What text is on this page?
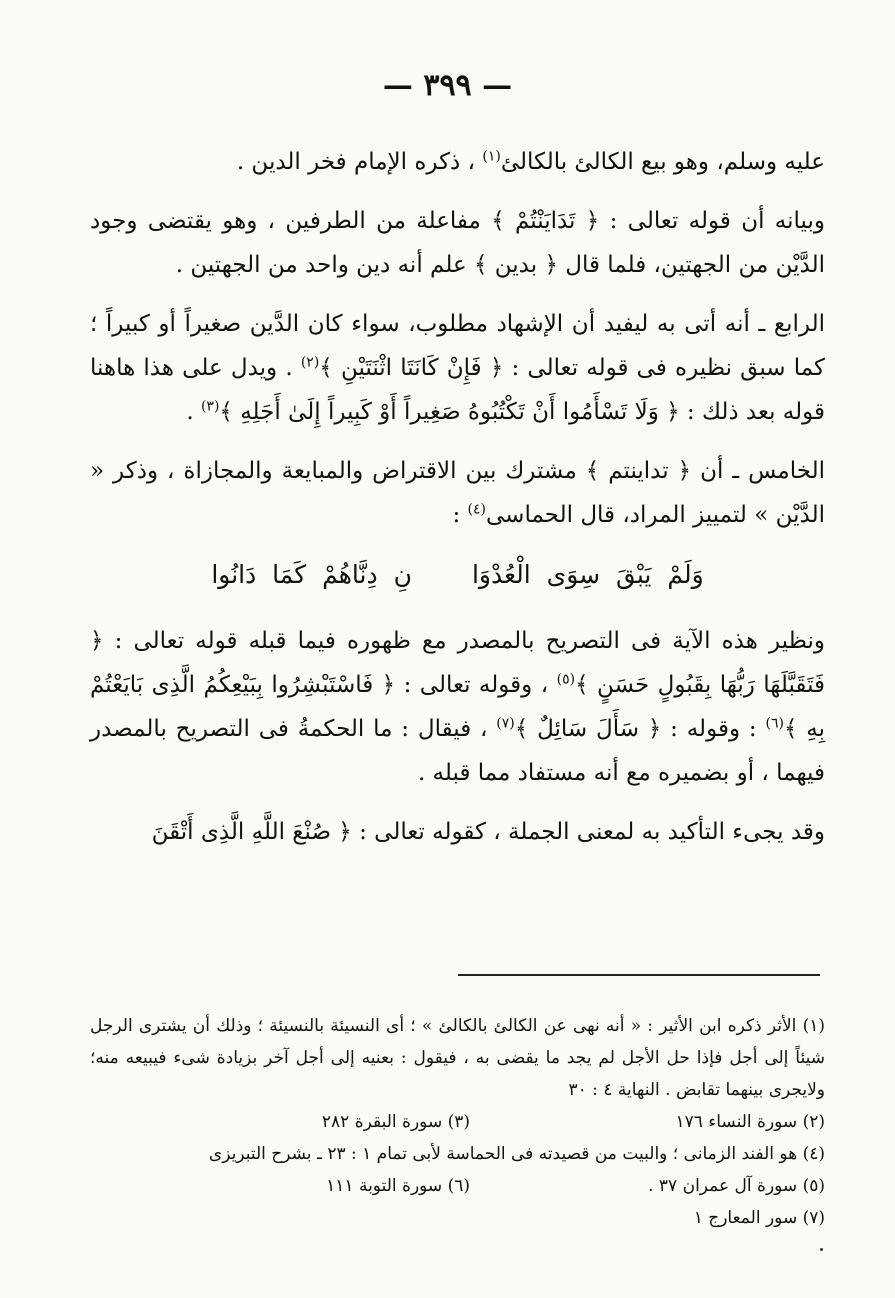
— ٣٩٩ —

عليه وسلم، وهو بيع الكالئ بالكالئ$^{(١)}$ ، ذكره الإمام فخر الدين .

وبيانه أن قوله تعالى : ﴿ تَدَايَنْتُمْ ﴾ مفاعلة من الطرفين ، وهو يقتضى وجود الدَّيْن من الجهتين، فلما قال ﴿ بدين ﴾ علم أنه دين واحد من الجهتين .

الرابع ـ أنه أتى به ليفيد أن الإشهاد مطلوب، سواء كان الدَّين صغيراً أو كبيراً ؛ كما سبق نظيره فى قوله تعالى : ﴿ فَإِنْ كَانَتَا اثْنَتَيْنِ ﴾$^{(٢)}$ . ويدل على هذا هاهنا قوله بعد ذلك : ﴿ وَلَا تَسْأَمُوا أَنْ تَكْتُبُوهُ صَغِيراً أَوْ كَبِيراً إِلَىٰ أَجَلِهِ ﴾$^{(٣)}$ .

الخامس ـ أن ﴿ تداينتم ﴾ مشترك بين الاقتراض والمبايعة والمجازاة ، وذكر « الدَّيْن » لتمييز المراد، قال الحماسى$^{(٤)}$ :

وَلَمْ يَبْقَ سِوَى الْعُدْوَانِ دِنَّاهُمْ كَمَا دَانُوا

ونظير هذه الآية فى التصريح بالمصدر مع ظهوره فيما قبله قوله تعالى : ﴿ فَتَقَبَّلَهَا رَبُّهَا بِقَبُولٍ حَسَنٍ ﴾$^{(٥)}$ ، وقوله تعالى : ﴿ فَاسْتَبْشِرُوا بِبَيْعِكُمُ الَّذِى بَايَعْتُمْ بِهِ ﴾$^{(٦)}$ : وقوله : ﴿ سَأَلَ سَائِلٌ ﴾$^{(٧)}$ ، فيقال : ما الحكمةُ فى التصريح بالمصدر فيهما ، أو بضميره مع أنه مستفاد مما قبله .

وقد يجىء التأكيد به لمعنى الجملة ، كقوله تعالى : ﴿ صُنْعَ اللَّهِ الَّذِى أَتْقَنَ

(١) الأثر ذكره ابن الأثير : « أنه نهى عن الكالئ بالكالئ » ؛ أى النسيئة بالنسيئة ؛ وذلك أن يشترى الرجل شيئاً إلى أجل فإذا حل الأجل لم يجد ما يقضى به ، فيقول : بعنيه إلى أجل آخر بزيادة شىء فيبيعه منه؛ ولايجرى بينهما تقابض . النهاية ٤ : ٣٠

(٢) سورة النساء ١٧٦
(٣) سورة البقرة ٢٨٢

(٤) هو الفند الزمانى ؛ والبيت من قصيدته فى الحماسة لأبى تمام ١ : ٢٣ ـ بشرح التبريزى

(٥) سورة آل عمران ٣٧ .
(٦) سورة التوبة ١١١

(٧) سور المعارج ١
